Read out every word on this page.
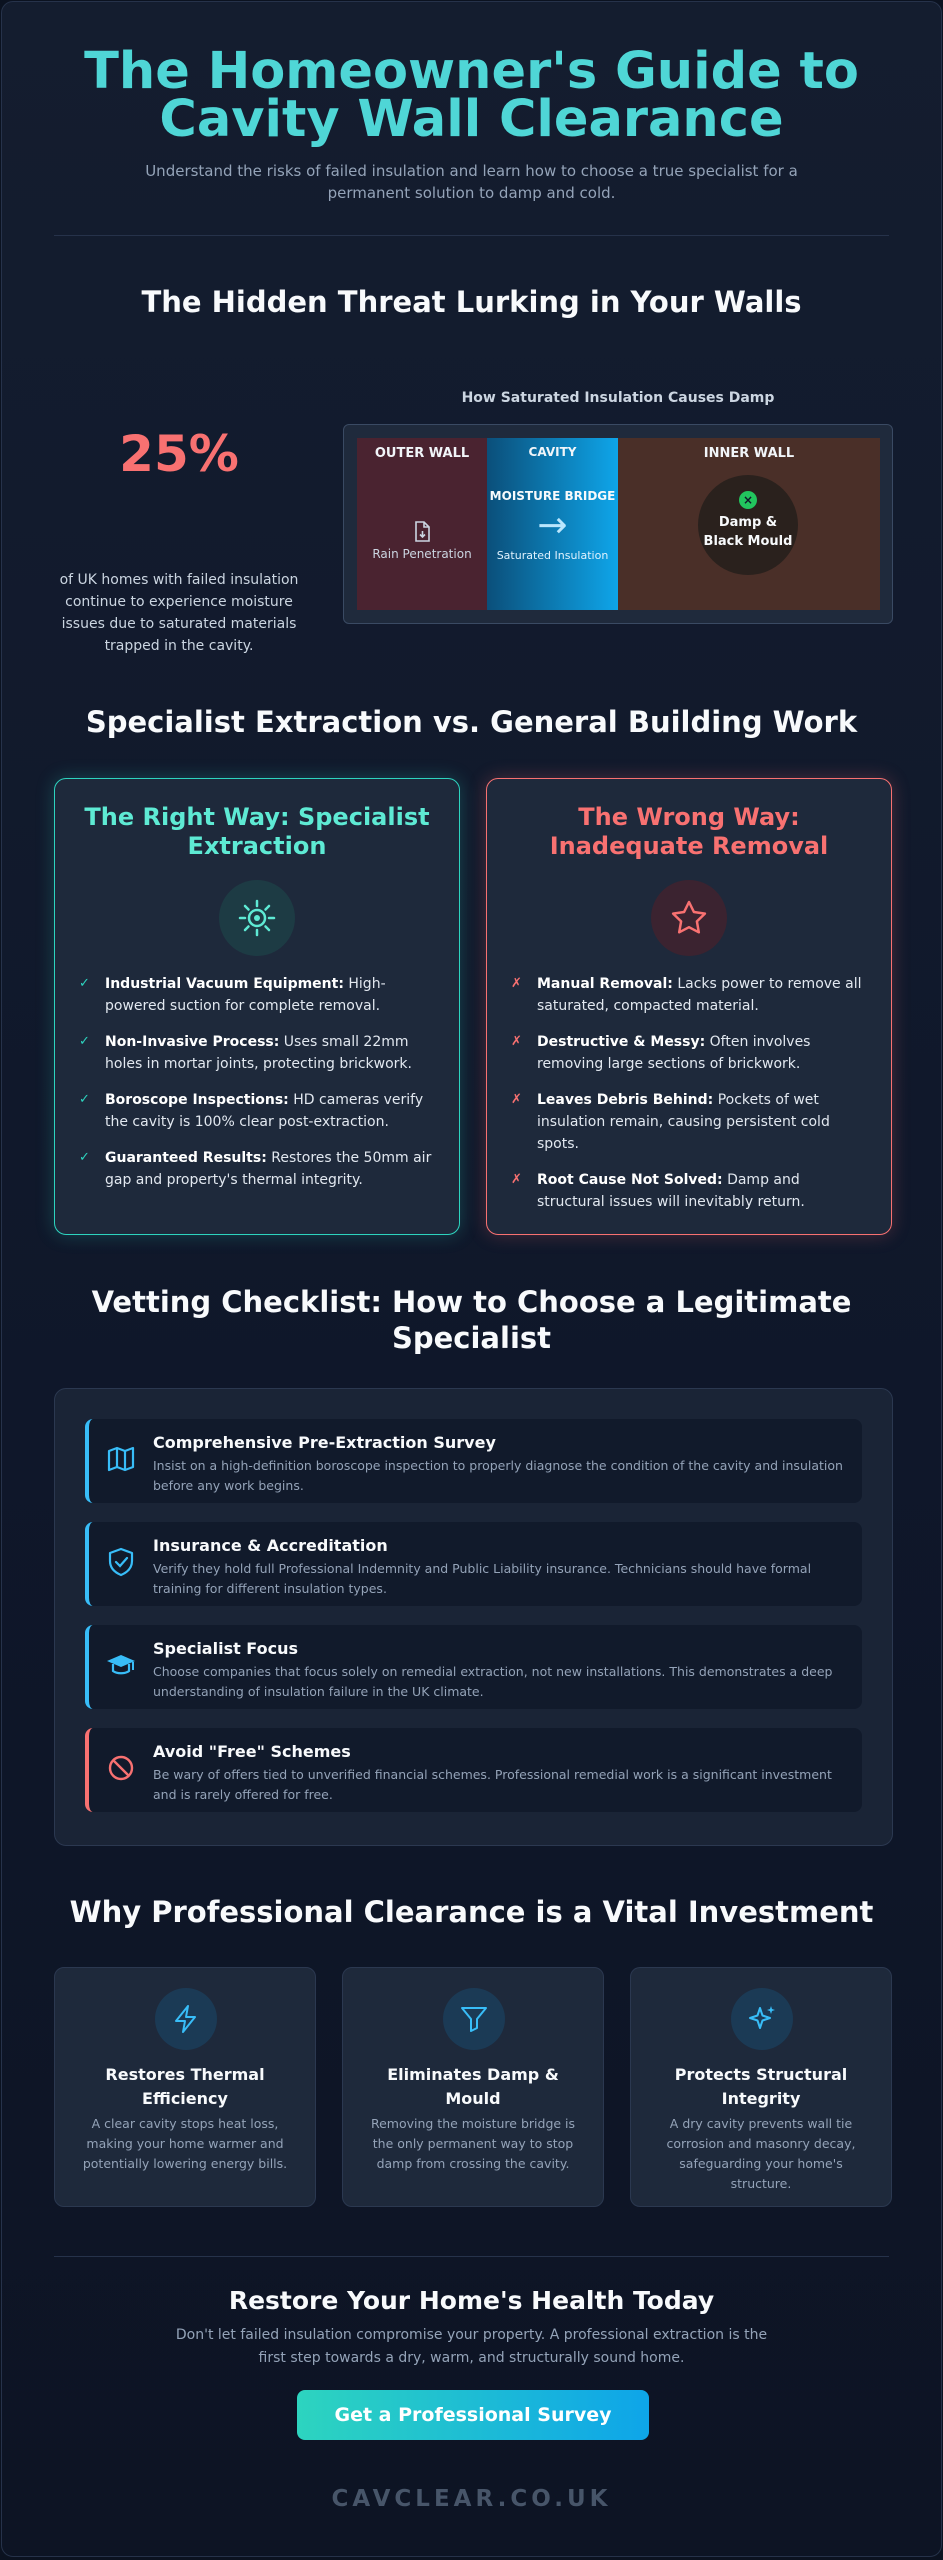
The Homeowner's Guide to
Cavity Wall Clearance

Understand the risks of failed insulation and learn how to choose a true specialist for a permanent solution to damp and cold.

The Hidden Threat Lurking in Your Walls
25%

of UK homes with failed insulation continue to experience moisture issues due to saturated materials trapped in the cavity.

How Saturated Insulation Causes Damp
OUTER WALL
Rain Penetration
CAVITY
MOISTURE BRIDGE
→
Saturated Insulation
INNER WALL
×
Damp &
Black Mould
Specialist Extraction vs. General Building Work
The Right Way: Specialist Extraction
✓ Industrial Vacuum Equipment: High-powered suction for complete removal.
✓ Non-Invasive Process: Uses small 22mm holes in mortar joints, protecting brickwork.
✓ Boroscope Inspections: HD cameras verify the cavity is 100% clear post-extraction.
✓ Guaranteed Results: Restores the 50mm air gap and property's thermal integrity.
The Wrong Way: Inadequate Removal
✗ Manual Removal: Lacks power to remove all saturated, compacted material.
✗ Destructive & Messy: Often involves removing large sections of brickwork.
✗ Leaves Debris Behind: Pockets of wet insulation remain, causing persistent cold spots.
✗ Root Cause Not Solved: Damp and structural issues will inevitably return.
Vetting Checklist: How to Choose a Legitimate Specialist
Comprehensive Pre-Extraction Survey
Insist on a high-definition boroscope inspection to properly diagnose the condition of the cavity and insulation before any work begins.
Insurance & Accreditation
Verify they hold full Professional Indemnity and Public Liability insurance. Technicians should have formal training for different insulation types.
Specialist Focus
Choose companies that focus solely on remedial extraction, not new installations. This demonstrates a deep understanding of insulation failure in the UK climate.
Avoid "Free" Schemes
Be wary of offers tied to unverified financial schemes. Professional remedial work is a significant investment and is rarely offered for free.
Why Professional Clearance is a Vital Investment
Restores Thermal Efficiency
A clear cavity stops heat loss, making your home warmer and potentially lowering energy bills.
Eliminates Damp & Mould
Removing the moisture bridge is the only permanent way to stop damp from crossing the cavity.
Protects Structural Integrity
A dry cavity prevents wall tie corrosion and masonry decay, safeguarding your home's structure.
Restore Your Home's Health Today

Don't let failed insulation compromise your property. A professional extraction is the first step towards a dry, warm, and structurally sound home.

Get a Professional Survey
CAVCLEAR.CO.UK
